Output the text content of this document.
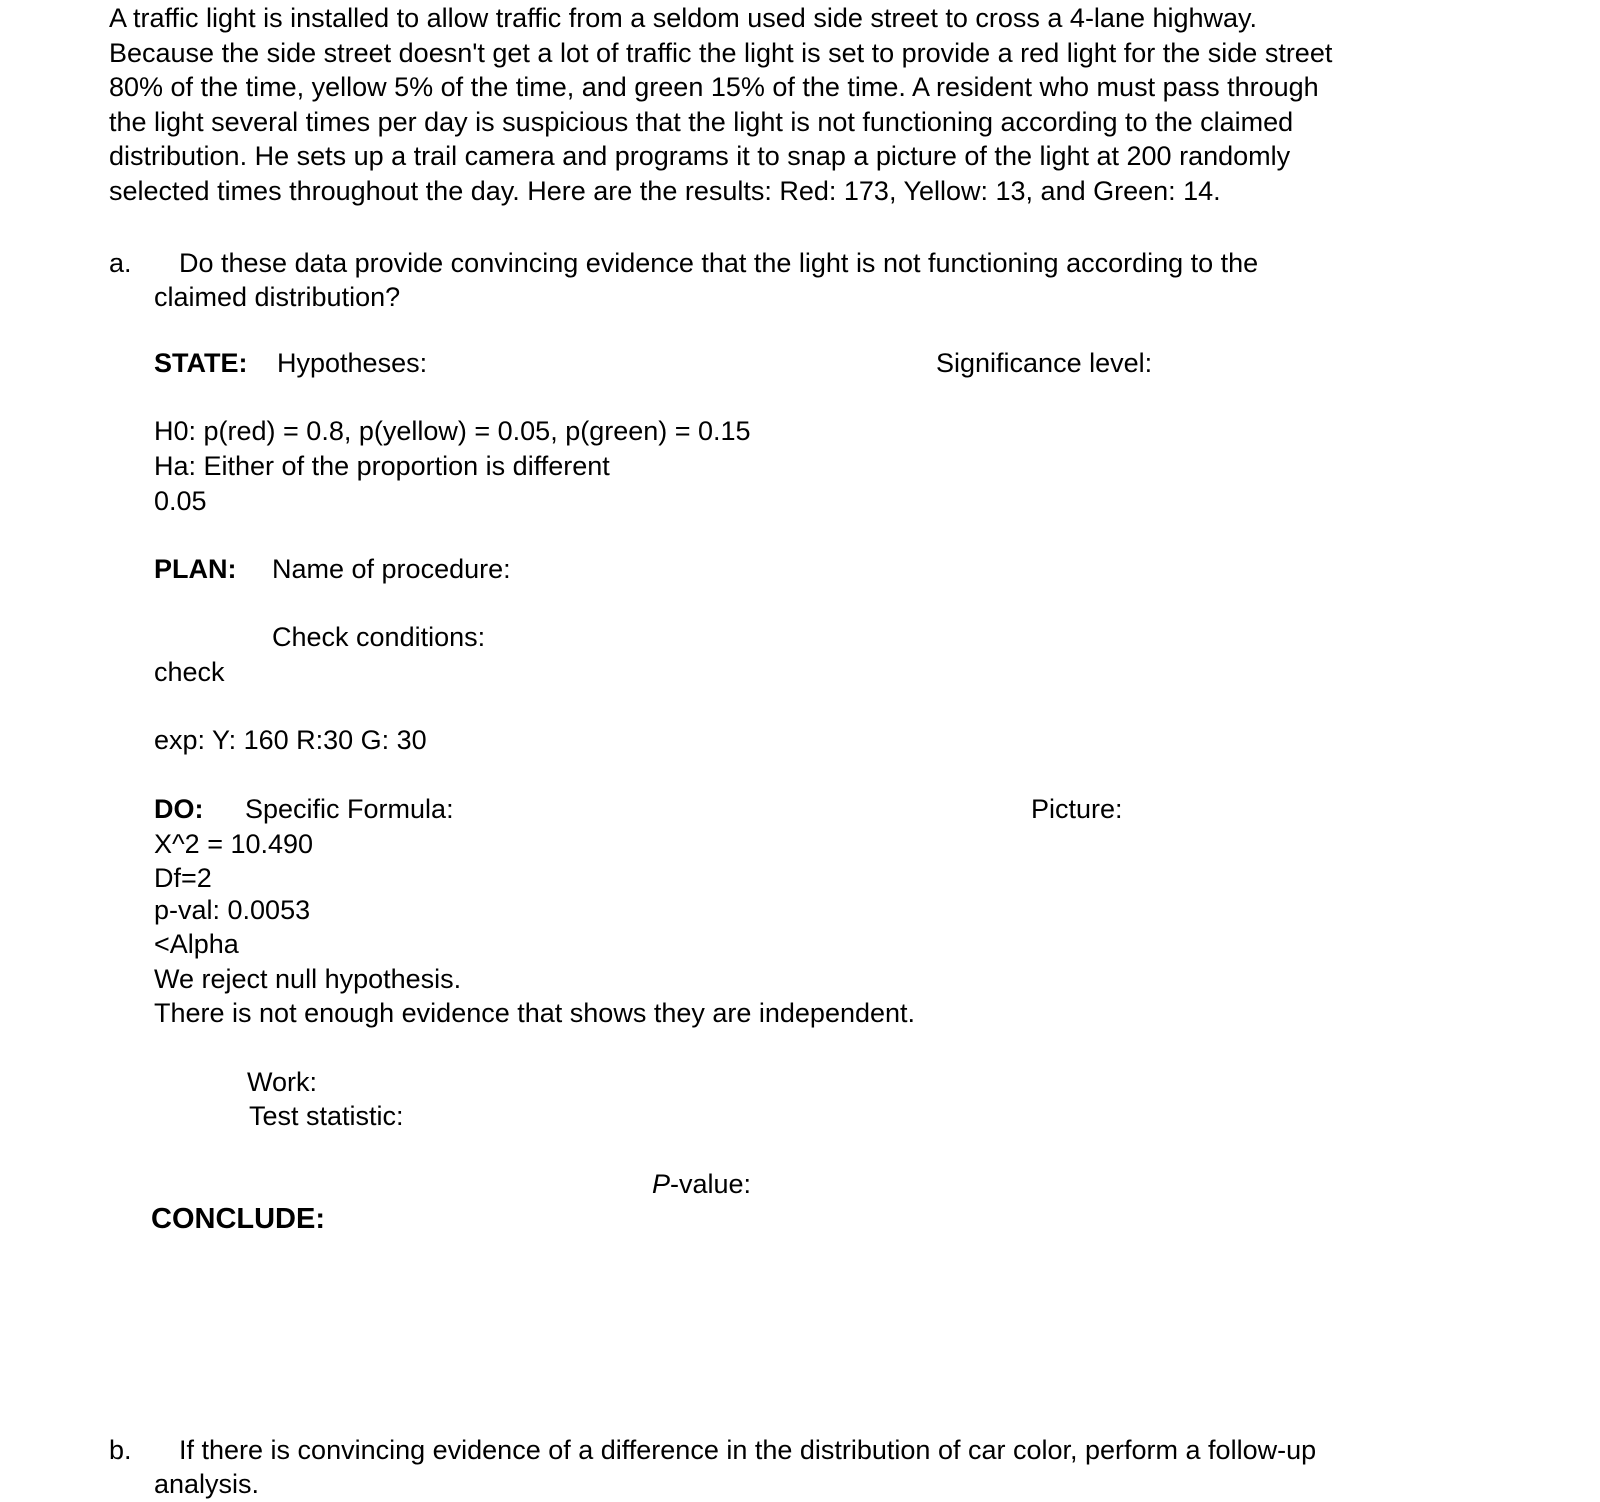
A traffic light is installed to allow traffic from a seldom used side street to cross a 4-lane highway.
Because the side street doesn't get a lot of traffic the light is set to provide a red light for the side street
80% of the time, yellow 5% of the time, and green 15% of the time. A resident who must pass through
the light several times per day is suspicious that the light is not functioning according to the claimed
distribution. He sets up a trail camera and programs it to snap a picture of the light at 200 randomly
selected times throughout the day. Here are the results: Red: 173, Yellow: 13, and Green: 14.
a. Do these data provide convincing evidence that the light is not functioning according to the
claimed distribution?
STATE: Hypotheses:	Significance level:
H0: p(red) = 0.8, p(yellow) = 0.05, p(green) = 0.15
Ha: Either of the proportion is different
0.05
PLAN: Name of procedure:
Check conditions:
check
exp: Y: 160 R:30 G: 30
DO: Specific Formula:	Picture:
X^2 = 10.490
Df=2
p-val: 0.0053
<Alpha
We reject null hypothesis.
There is not enough evidence that shows they are independent.
Work:
Test statistic:
P-value:
CONCLUDE:
b. If there is convincing evidence of a difference in the distribution of car color, perform a follow-up
analysis.
